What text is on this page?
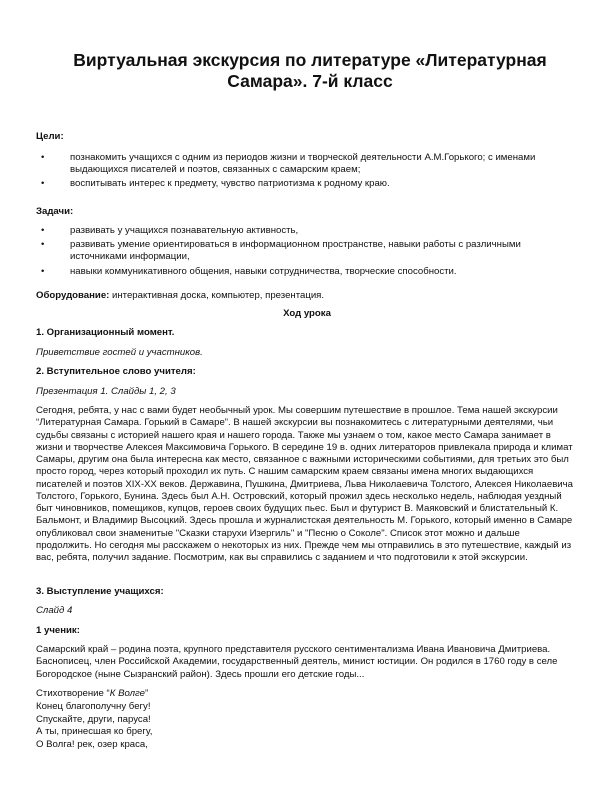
Виртуальная экскурсия по литературе «Литературная Самара». 7-й класс
Цели:
•	познакомить учащихся с одним из периодов жизни и творческой деятельности А.М.Горького; с именами выдающихся писателей и поэтов, связанных с самарским краем;
•	воспитывать интерес к предмету, чувство патриотизма к родному краю.
Задачи:
•	развивать у учащихся познавательную активность,
•	развивать умение ориентироваться в информационном пространстве, навыки работы с различными источниками информации,
•	навыки коммуникативного общения, навыки сотрудничества, творческие способности.
Оборудование: интерактивная доска, компьютер, презентация.
Ход урока
1. Организационный момент.
Приветствие гостей и участников.
2. Вступительное слово учителя:
Презентация 1. Слайды 1, 2, 3
Сегодня, ребята, у нас с вами будет необычный урок. Мы совершим путешествие в прошлое. Тема нашей экскурсии “Литературная Самара. Горький в Самаре”. В нашей экскурсии вы познакомитесь с литературными деятелями, чьи судьбы связаны с историей нашего края и нашего города. Также мы узнаем о том, какое место Самара занимает в жизни и творчестве Алексея Максимовича Горького. В середине 19 в. одних литераторов привлекала природа и климат Самары, другим она была интересна как место, связанное с важными историческими событиями, для третьих это был просто город, через который проходил их путь. С нашим самарским краем связаны имена многих выдающихся писателей и поэтов XIX-XX веков. Державина, Пушкина, Дмитриева, Льва Николаевича Толстого, Алексея Николаевича Толстого, Горького, Бунина. Здесь был А.Н. Островский, который прожил здесь несколько недель, наблюдая уездный быт чиновников, помещиков, купцов, героев своих будущих пьес. Был и футурист В. Маяковский и блистательный К. Бальмонт, и Владимир Высоцкий. Здесь прошла и журналистская деятельность М. Горького, который именно в Самаре опубликовал свои знаменитые "Сказки старухи Изергиль" и "Песню о Соколе". Список этот можно и дальше продолжить. Но сегодня мы расскажем о некоторых из них. Прежде чем мы отправились в это путешествие, каждый из вас, ребята, получил задание. Посмотрим, как вы справились с заданием и что подготовили к этой экскурсии.
3. Выступление учащихся:
Слайд 4
1 ученик:
Самарский край – родина поэта, крупного представителя русского сентиментализма Ивана Ивановича Дмитриева. Баснописец, член Российской Академии, государственный деятель, минист юстиции. Он родился в 1760 году в селе Богородское (ныне Сызранский район). Здесь прошли его детские годы...
Стихотворение “К Волге”
Конец благополучну бегу!
Спускайте, други, паруса!
А ты, принесшая ко брегу,
О Волга! рек, озер краса,
